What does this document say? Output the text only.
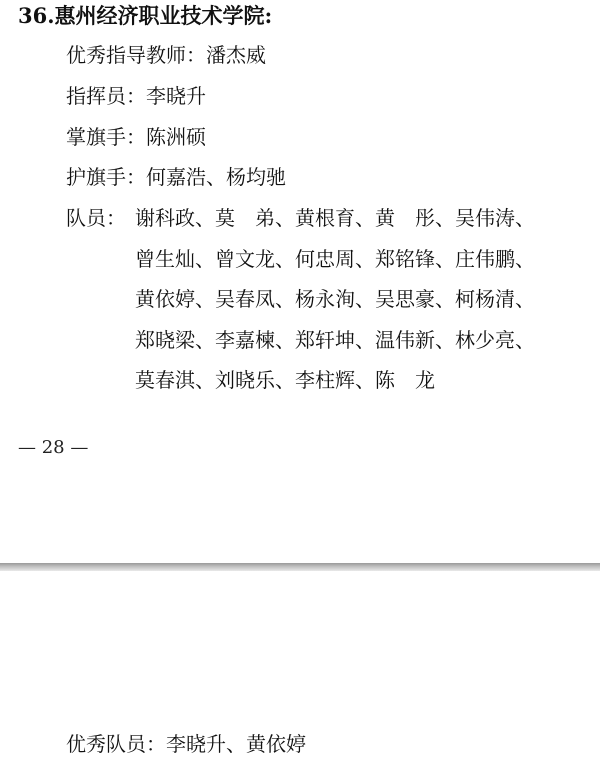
36.惠州经济职业技术学院:
优秀指导教师：潘杰威
指挥员：李晓升
掌旗手：陈洲硕
护旗手：何嘉浩、杨均驰
队员： 谢科政、莫　弟、黄根育、黄　彤、吴伟涛、
曾生灿、曾文龙、何忠周、郑铭锋、庄伟鹏、
黄依婷、吴春凤、杨永洵、吴思豪、柯杨清、
郑晓梁、李嘉楝、郑轩坤、温伟新、林少亮、
莫春淇、刘晓乐、李柱辉、陈　龙
— 28 —
优秀队员：李晓升、黄依婷
